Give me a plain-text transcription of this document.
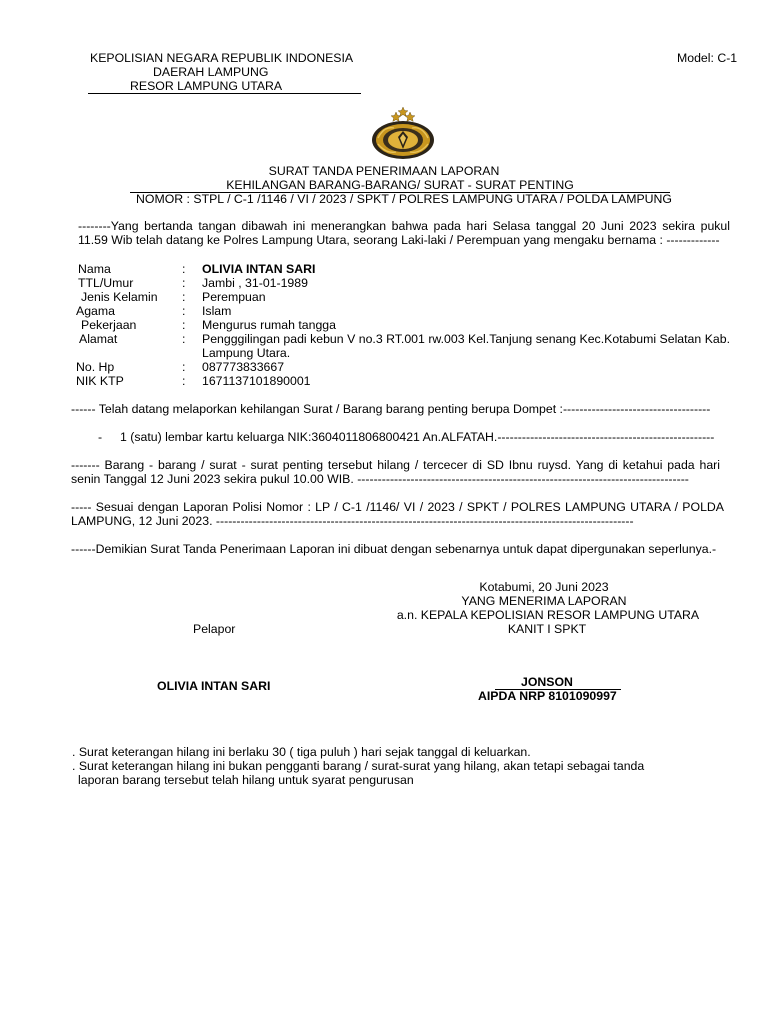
KEPOLISIAN NEGARA REPUBLIK INDONESIA
DAERAH LAMPUNG
RESOR LAMPUNG UTARA
Model: C-1
SURAT TANDA PENERIMAAN LAPORAN
KEHILANGAN BARANG-BARANG/ SURAT - SURAT PENTING
NOMOR : STPL / C-1 /1146 / VI / 2023 / SPKT / POLRES LAMPUNG UTARA / POLDA LAMPUNG
--------Yang bertanda tangan dibawah ini menerangkan bahwa pada hari Selasa tanggal 20 Juni 2023 sekira pukul 11.59 Wib telah datang ke Polres Lampung Utara, seorang Laki-laki / Perempuan yang mengaku bernama : -------------
Nama	: OLIVIA INTAN SARI
TTL/Umur	: Jambi , 31-01-1989
Jenis Kelamin : Perempuan
Agama	: Islam
Pekerjaan	: Mengurus rumah tangga
Alamat	: Pengggilingan padi kebun V no.3 RT.001 rw.003 Kel.Tanjung senang Kec.Kotabumi Selatan Kab. Lampung Utara.
No. Hp	: 087773833667
NIK KTP	: 1671137101890001
------ Telah datang melaporkan kehilangan Surat / Barang barang penting berupa Dompet :------------------------------------
- 1 (satu) lembar kartu keluarga NIK:3604011806800421 An.ALFATAH.-----------------------------------------------------
------- Barang - barang / surat - surat penting tersebut hilang / tercecer di SD Ibnu ruysd. Yang di ketahui pada hari senin Tanggal 12 Juni 2023 sekira pukul 10.00 WIB. ---------------------------------------------------------------------------------
----- Sesuai dengan Laporan Polisi Nomor : LP / C-1 /1146/ VI / 2023 / SPKT / POLRES LAMPUNG UTARA / POLDA LAMPUNG, 12 Juni 2023. ------------------------------------------------------------------------------------------------------
------Demikian Surat Tanda Penerimaan Laporan ini dibuat dengan sebenarnya untuk dapat dipergunakan seperlunya.-
Kotabumi, 20 Juni 2023
YANG MENERIMA LAPORAN
a.n. KEPALA KEPOLISIAN RESOR LAMPUNG UTARA
KANIT I SPKT
Pelapor
OLIVIA INTAN SARI	JONSON
AIPDA NRP 8101090997
. Surat keterangan hilang ini berlaku 30 ( tiga puluh ) hari sejak tanggal di keluarkan.
. Surat keterangan hilang ini bukan pengganti barang / surat-surat yang hilang, akan tetapi sebagai tanda
laporan barang tersebut telah hilang untuk syarat pengurusan
